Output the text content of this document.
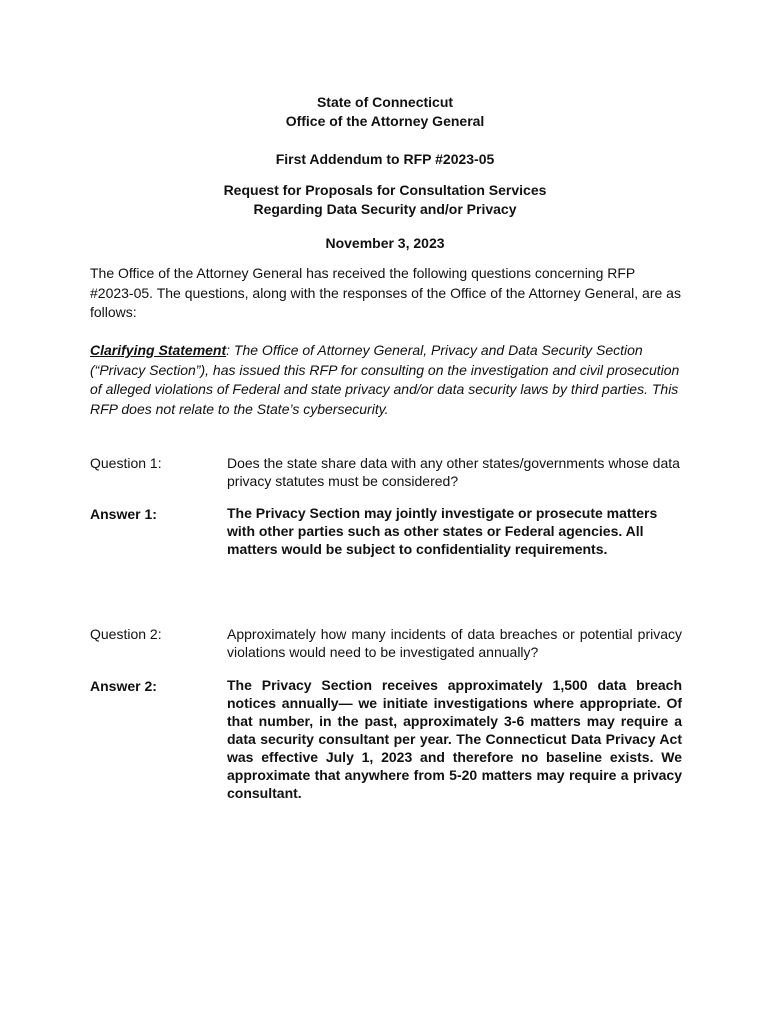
State of Connecticut
Office of the Attorney General
First Addendum to RFP #2023-05
Request for Proposals for Consultation Services
Regarding Data Security and/or Privacy
November 3, 2023
The Office of the Attorney General has received the following questions concerning RFP #2023-05. The questions, along with the responses of the Office of the Attorney General, are as follows:
Clarifying Statement: The Office of Attorney General, Privacy and Data Security Section (“Privacy Section”), has issued this RFP for consulting on the investigation and civil prosecution of alleged violations of Federal and state privacy and/or data security laws by third parties. This RFP does not relate to the State’s cybersecurity.
Question 1:	Does the state share data with any other states/governments whose data privacy statutes must be considered?
Answer 1:	The Privacy Section may jointly investigate or prosecute matters with other parties such as other states or Federal agencies. All matters would be subject to confidentiality requirements.
Question 2:	Approximately how many incidents of data breaches or potential privacy violations would need to be investigated annually?
Answer 2:	The Privacy Section receives approximately 1,500 data breach notices annually— we initiate investigations where appropriate. Of that number, in the past, approximately 3-6 matters may require a data security consultant per year. The Connecticut Data Privacy Act was effective July 1, 2023 and therefore no baseline exists. We approximate that anywhere from 5-20 matters may require a privacy consultant.
